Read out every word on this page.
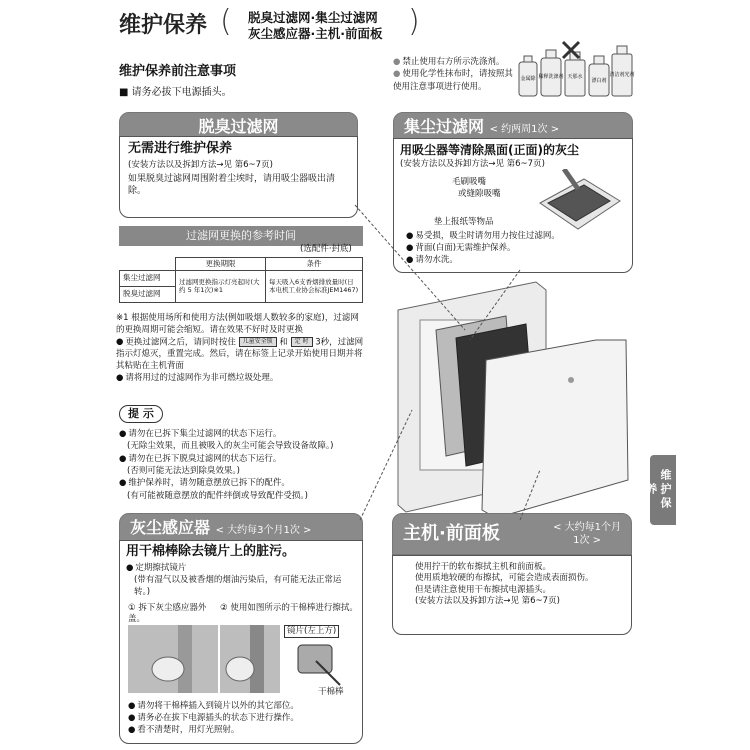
维护保养 ( 脱臭过滤网·集尘过滤网
灰尘感应器·主机·前面板 )
维护保养前注意事项
■ 请务必拔下电源插头。
● 禁止使用右方所示洗涤剂。
● 使用化学性抹布时，请按照其使用注意事项进行使用。
金属除 稀释洗涤剂 天那水
漂白剂
清洁剂光剂
脱臭过滤网
无需进行维护保养
(安装方法以及拆卸方法→见 第6~7页)
如果脱臭过滤网周围附着尘埃时，请用吸尘器吸出清除。
过滤网更换的参考时间
(选配件·封底)
	更换期限	条件
集尘过滤网	过滤网更换指示灯亮起时(大约 5 年1次)※1	每天吸入6支香烟排放量时(日本电机工业协会标准JEM1467)
脱臭过滤网		
※1 根据使用场所和使用方法(例如吸烟人数较多的家庭)，过滤网的更换周期可能会缩短。请在效果不好时及时更换
● 更换过滤网之后，请同时按住 儿童安全锁 和 定 时 3秒，过滤网指示灯熄灭，重置完成。然后，请在标签上记录开始使用日期并将其粘贴在主机背面
● 请将用过的过滤网作为非可燃垃圾处理。
提 示
● 请勿在已拆下集尘过滤网的状态下运行。
(无除尘效果，而且被吸入的灰尘可能会导致设备故障。)
● 请勿在已拆下脱臭过滤网的状态下运行。
(否则可能无法达到除臭效果。)
● 维护保养时，请勿随意摆放已拆下的配件。
(有可能被随意摆放的配件绊倒或导致配件受损。)
集尘过滤网 < 约两周1次 >
用吸尘器等清除黑面(正面)的灰尘
(安装方法以及拆卸方法→见 第6~7页)
毛刷吸嘴
或缝隙吸嘴
垫上报纸等物品
● 易受损，吸尘时请勿用力按住过滤网。
● 背面(白面)无需维护保养。
● 请勿水洗。
维护保养
灰尘感应器 < 大约每3个月1次 >
用干棉棒除去镜片上的脏污。
● 定期擦拭镜片
(带有湿气以及被香烟的烟油污染后，有可能无法正常运转。)
① 拆下灰尘感应器外盖。
② 使用如图所示的干棉棒进行擦拭。
镜片(左上方)
干棉棒
● 请勿将干棉棒插入到镜片以外的其它部位。
● 请务必在拔下电源插头的状态下进行操作。
● 看不清楚时，用灯光照射。
主机·前面板	< 大约每1个月
1次 >
使用拧干的软布擦拭主机和前面板。
使用质地较硬的布擦拭，可能会造成表面损伤。
但是请注意使用干布擦拭电源插头。
(安装方法以及拆卸方法→见 第6~7页)
